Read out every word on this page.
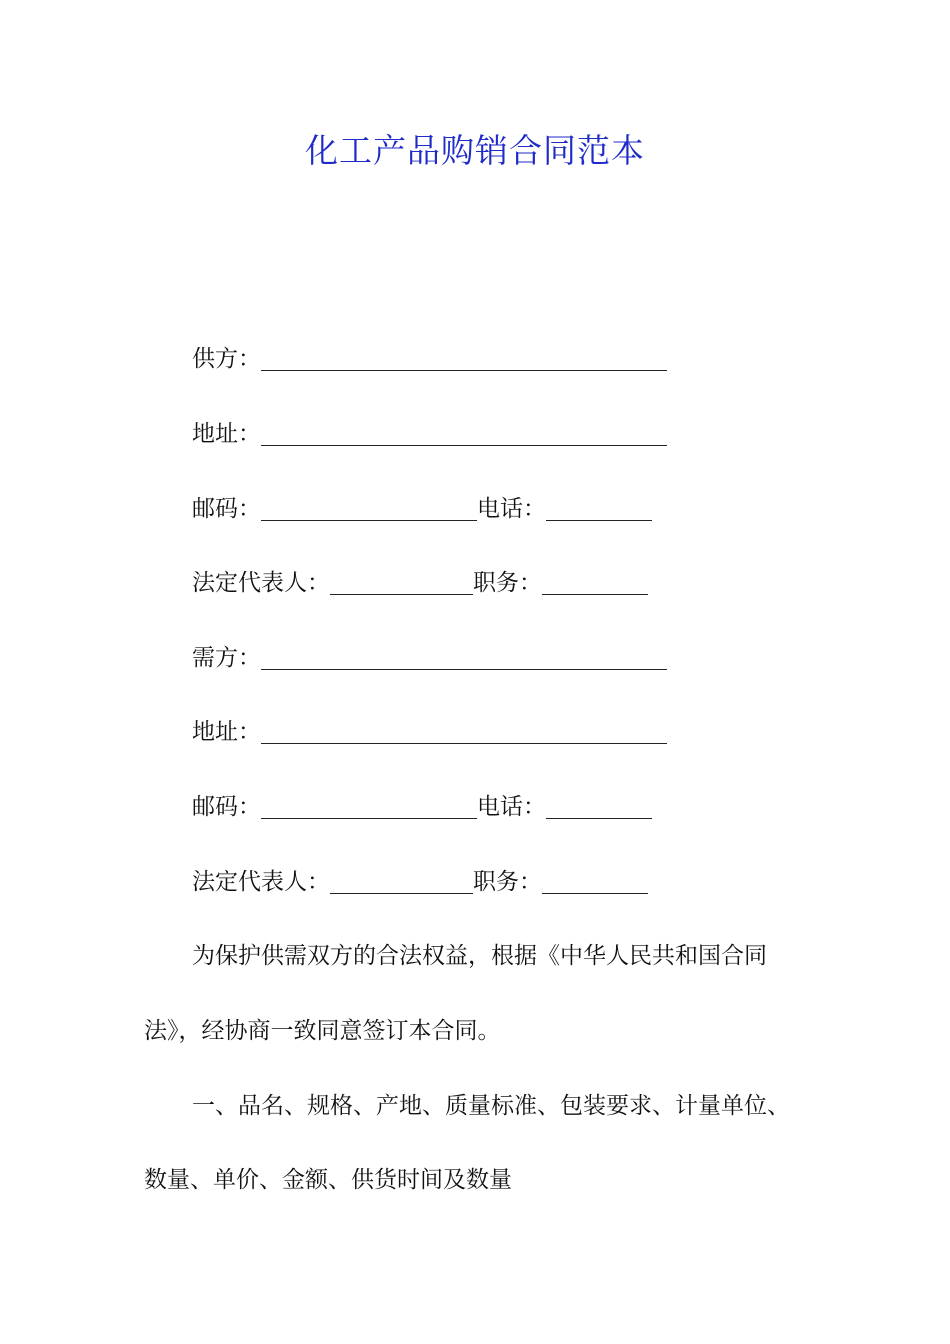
化工产品购销合同范本
供方：
地址：
邮码：	电话：
法定代表人：	职务：
需方：
地址：
邮码：	电话：
法定代表人：	职务：
为保护供需双方的合法权益，根据《中华人民共和国合同
法》，经协商一致同意签订本合同。
一、品名、规格、产地、质量标准、包装要求、计量单位、
数量、单价、金额、供货时间及数量
